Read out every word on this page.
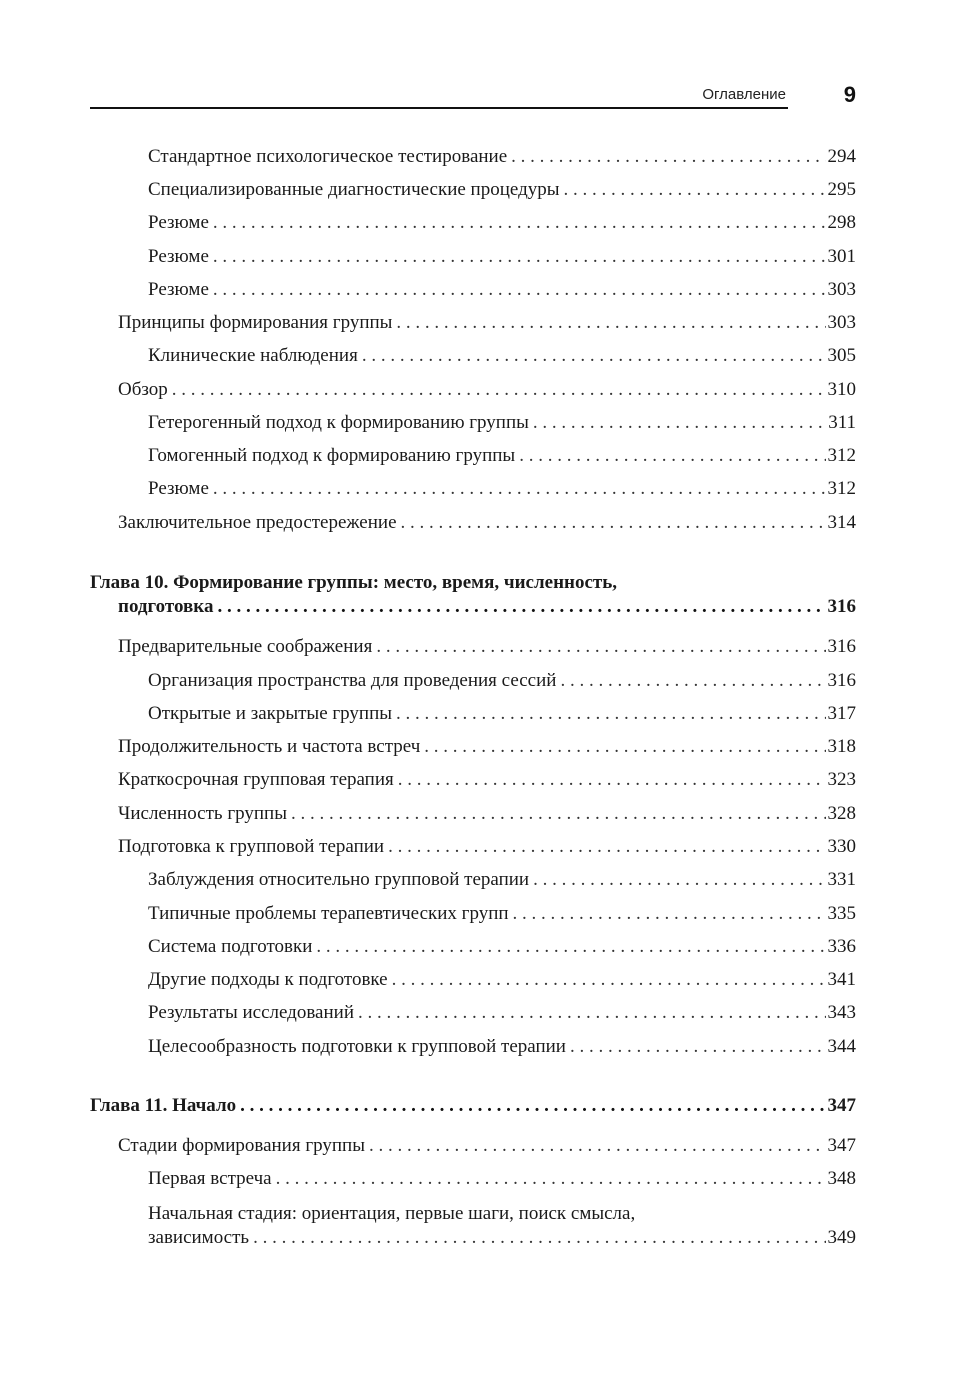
Оглавление	9
Стандартное психологическое тестирование . . .	294
Специализированные диагностические процедуры . . .	295
Резюме . . .	298
Резюме . . .	301
Резюме . . .	303
Принципы формирования группы . . .	303
Клинические наблюдения . . .	305
Обзор . . .	310
Гетерогенный подход к формированию группы . . .	311
Гомогенный подход к формированию группы . . .	312
Резюме . . .	312
Заключительное предостережение . . .	314
Глава 10. Формирование группы: место, время, численность,
подготовка . . .	316
Предварительные соображения . . .	316
Организация пространства для проведения сессий . . .	316
Открытые и закрытые группы . . .	317
Продолжительность и частота встреч . . .	318
Краткосрочная групповая терапия . . .	323
Численность группы . . .	328
Подготовка к групповой терапии . . .	330
Заблуждения относительно групповой терапии . . .	331
Типичные проблемы терапевтических групп . . .	335
Система подготовки . . .	336
Другие подходы к подготовке . . .	341
Результаты исследований . . .	343
Целесообразность подготовки к групповой терапии . . .	344
Глава 11. Начало . . .	347
Стадии формирования группы . . .	347
Первая встреча . . .	348
Начальная стадия: ориентация, первые шаги, поиск смысла,
зависимость . . .	349
